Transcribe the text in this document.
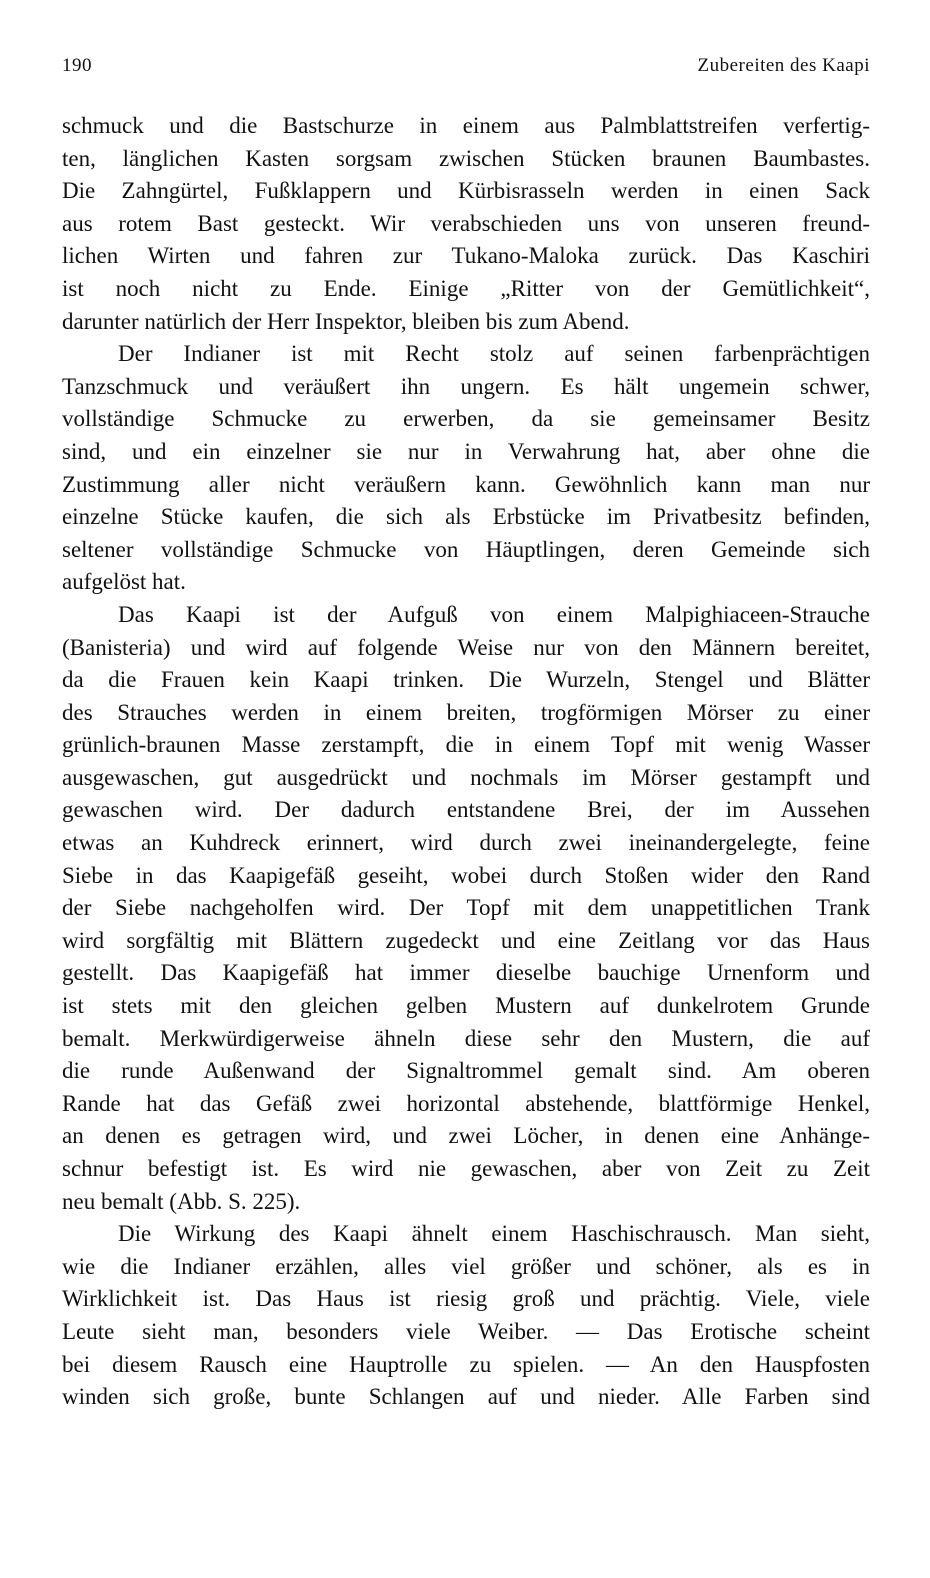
190	Zubereiten des Kaapi
schmuck und die Bastschurze in einem aus Palmblattstreifen verfertig-
ten, länglichen Kasten sorgsam zwischen Stücken braunen Baumbastes.
Die Zahngürtel, Fußklappern und Kürbisrasseln werden in einen Sack
aus rotem Bast gesteckt. Wir verabschieden uns von unseren freund-
lichen Wirten und fahren zur Tukano-Maloka zurück. Das Kaschiri
ist noch nicht zu Ende. Einige „Ritter von der Gemütlichkeit“,
darunter natürlich der Herr Inspektor, bleiben bis zum Abend.
Der Indianer ist mit Recht stolz auf seinen farbenprächtigen
Tanzschmuck und veräußert ihn ungern. Es hält ungemein schwer,
vollständige Schmucke zu erwerben, da sie gemeinsamer Besitz
sind, und ein einzelner sie nur in Verwahrung hat, aber ohne die
Zustimmung aller nicht veräußern kann. Gewöhnlich kann man nur
einzelne Stücke kaufen, die sich als Erbstücke im Privatbesitz befinden,
seltener vollständige Schmucke von Häuptlingen, deren Gemeinde sich
aufgelöst hat.
Das Kaapi ist der Aufguß von einem Malpighiaceen-Strauche
(Banisteria) und wird auf folgende Weise nur von den Männern bereitet,
da die Frauen kein Kaapi trinken. Die Wurzeln, Stengel und Blätter
des Strauches werden in einem breiten, trogförmigen Mörser zu einer
grünlich-braunen Masse zerstampft, die in einem Topf mit wenig Wasser
ausgewaschen, gut ausgedrückt und nochmals im Mörser gestampft und
gewaschen wird. Der dadurch entstandene Brei, der im Aussehen
etwas an Kuhdreck erinnert, wird durch zwei ineinandergelegte, feine
Siebe in das Kaapigefäß geseiht, wobei durch Stoßen wider den Rand
der Siebe nachgeholfen wird. Der Topf mit dem unappetitlichen Trank
wird sorgfältig mit Blättern zugedeckt und eine Zeitlang vor das Haus
gestellt. Das Kaapigefäß hat immer dieselbe bauchige Urnenform und
ist stets mit den gleichen gelben Mustern auf dunkelrotem Grunde
bemalt. Merkwürdigerweise ähneln diese sehr den Mustern, die auf
die runde Außenwand der Signaltrommel gemalt sind. Am oberen
Rande hat das Gefäß zwei horizontal abstehende, blattförmige Henkel,
an denen es getragen wird, und zwei Löcher, in denen eine Anhänge-
schnur befestigt ist. Es wird nie gewaschen, aber von Zeit zu Zeit
neu bemalt (Abb. S. 225).
Die Wirkung des Kaapi ähnelt einem Haschischrausch. Man sieht,
wie die Indianer erzählen, alles viel größer und schöner, als es in
Wirklichkeit ist. Das Haus ist riesig groß und prächtig. Viele, viele
Leute sieht man, besonders viele Weiber. — Das Erotische scheint
bei diesem Rausch eine Hauptrolle zu spielen. — An den Hauspfosten
winden sich große, bunte Schlangen auf und nieder. Alle Farben sind
